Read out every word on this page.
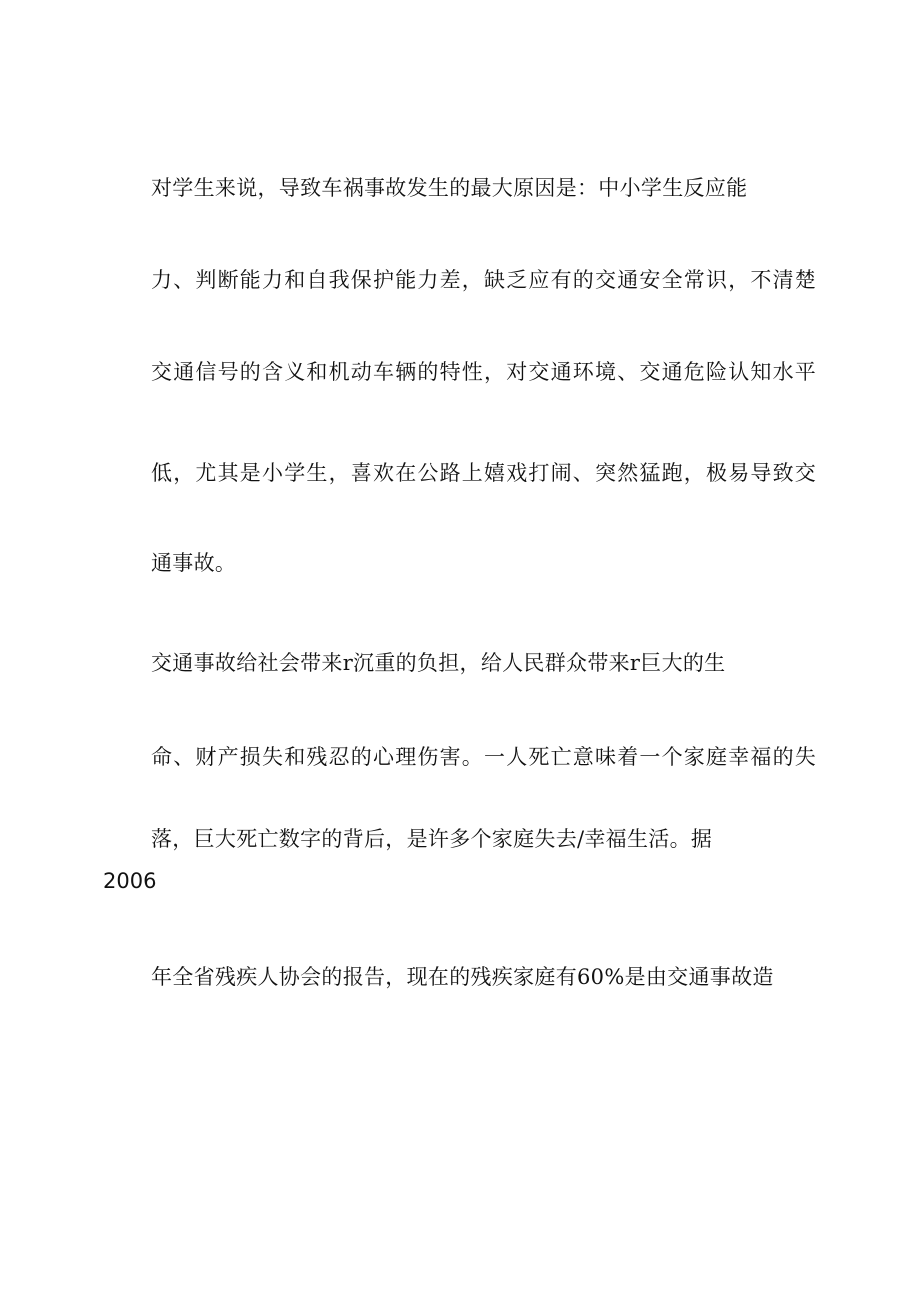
对学生来说，导致车祸事故发生的最大原因是：中小学生反应能
力、判断能力和自我保护能力差，缺乏应有的交通安全常识，不清楚
交通信号的含义和机动车辆的特性，对交通环境、交通危险认知水平
低，尤其是小学生，喜欢在公路上嬉戏打闹、突然猛跑，极易导致交
通事故。
交通事故给社会带来r沉重的负担，给人民群众带来r巨大的生
命、财产损失和残忍的心理伤害。一人死亡意味着一个家庭幸福的失
落，巨大死亡数字的背后，是许多个家庭失去/幸福生活。据
2006
年全省残疾人协会的报告，现在的残疾家庭有60%是由交通事故造
